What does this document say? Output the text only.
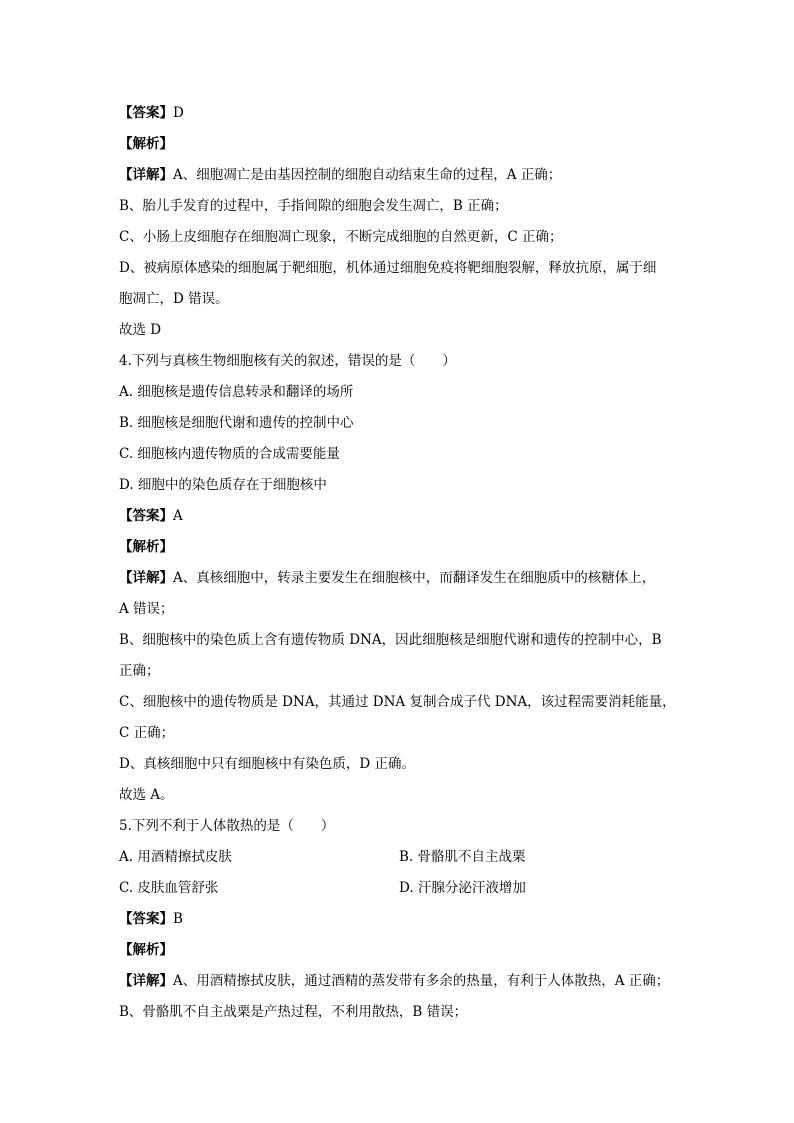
【答案】D
【解析】
【详解】A、细胞凋亡是由基因控制的细胞自动结束生命的过程，A 正确；
B、胎儿手发育的过程中，手指间隙的细胞会发生凋亡，B 正确；
C、小肠上皮细胞存在细胞凋亡现象，不断完成细胞的自然更新，C 正确；
D、被病原体感染的细胞属于靶细胞，机体通过细胞免疫将靶细胞裂解，释放抗原，属于细
胞凋亡，D 错误。
故选 D
4.下列与真核生物细胞核有关的叙述，错误的是（　　）
A. 细胞核是遗传信息转录和翻译的场所
B. 细胞核是细胞代谢和遗传的控制中心
C. 细胞核内遗传物质的合成需要能量
D. 细胞中的染色质存在于细胞核中
【答案】A
【解析】
【详解】A、真核细胞中，转录主要发生在细胞核中，而翻译发生在细胞质中的核糖体上，
A 错误；
B、细胞核中的染色质上含有遗传物质 DNA，因此细胞核是细胞代谢和遗传的控制中心，B
正确；
C、细胞核中的遗传物质是 DNA，其通过 DNA 复制合成子代 DNA，该过程需要消耗能量，
C 正确；
D、真核细胞中只有细胞核中有染色质，D 正确。
故选 A。
5.下列不利于人体散热的是（　　）
A. 用酒精擦拭皮肤	B. 骨骼肌不自主战栗
C. 皮肤血管舒张	D. 汗腺分泌汗液增加
【答案】B
【解析】
【详解】A、用酒精擦拭皮肤，通过酒精的蒸发带有多余的热量，有利于人体散热，A 正确；
B、骨骼肌不自主战栗是产热过程，不利用散热，B 错误；
